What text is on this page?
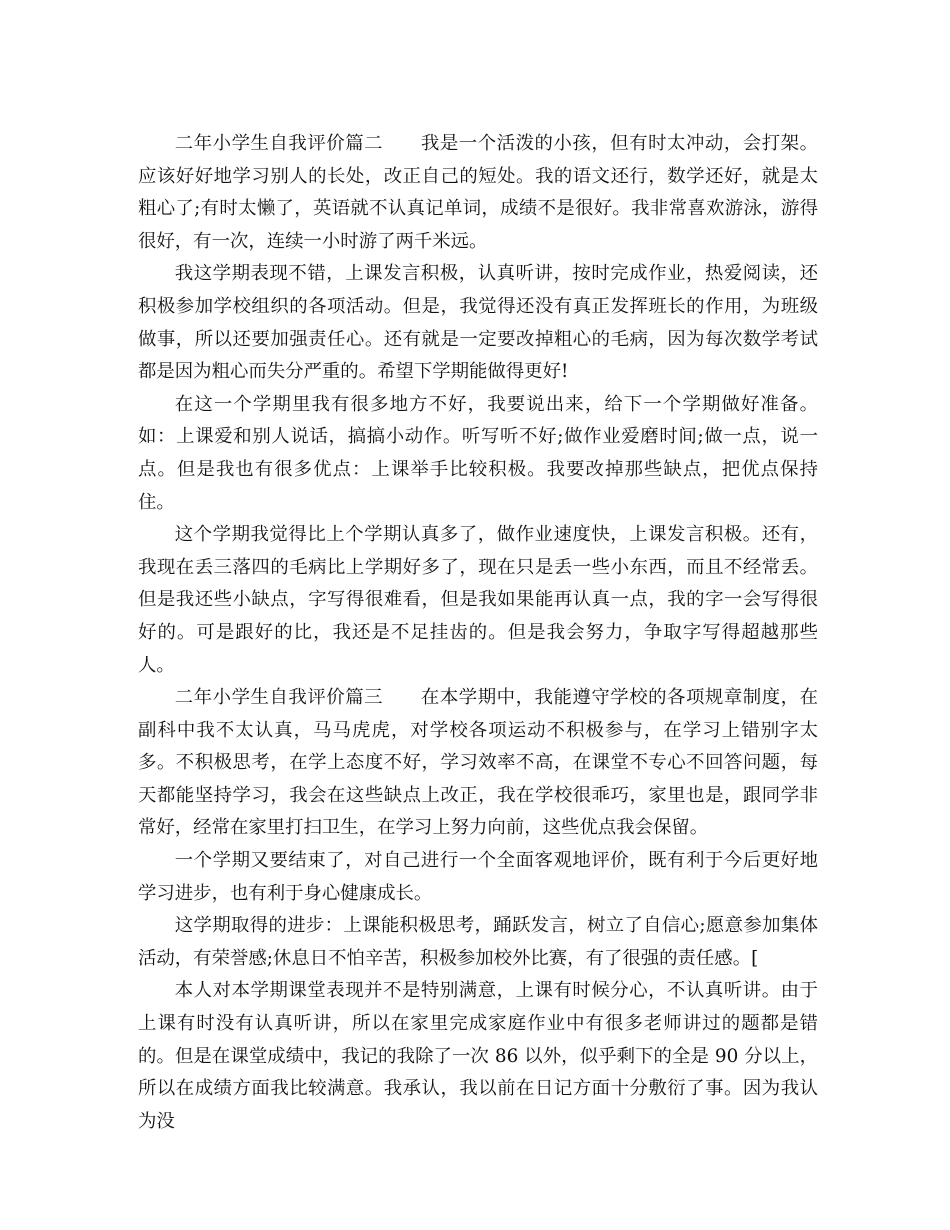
二年小学生自我评价篇二　　我是一个活泼的小孩，但有时太冲动，会打架。应该好好地学习别人的长处，改正自己的短处。我的语文还行，数学还好，就是太粗心了;有时太懒了，英语就不认真记单词，成绩不是很好。我非常喜欢游泳，游得很好，有一次，连续一小时游了两千米远。

我这学期表现不错，上课发言积极，认真听讲，按时完成作业，热爱阅读，还积极参加学校组织的各项活动。但是，我觉得还没有真正发挥班长的作用，为班级做事，所以还要加强责任心。还有就是一定要改掉粗心的毛病，因为每次数学考试都是因为粗心而失分严重的。希望下学期能做得更好!

在这一个学期里我有很多地方不好，我要说出来，给下一个学期做好准备。如：上课爱和别人说话，搞搞小动作。听写听不好;做作业爱磨时间;做一点，说一点。但是我也有很多优点：上课举手比较积极。我要改掉那些缺点，把优点保持住。

这个学期我觉得比上个学期认真多了，做作业速度快，上课发言积极。还有，我现在丢三落四的毛病比上学期好多了，现在只是丢一些小东西，而且不经常丢。但是我还些小缺点，字写得很难看，但是我如果能再认真一点，我的字一会写得很好的。可是跟好的比，我还是不足挂齿的。但是我会努力，争取字写得超越那些人。

二年小学生自我评价篇三　　在本学期中，我能遵守学校的各项规章制度，在副科中我不太认真，马马虎虎，对学校各项运动不积极参与，在学习上错别字太多。不积极思考，在学上态度不好，学习效率不高，在课堂不专心不回答问题，每天都能坚持学习，我会在这些缺点上改正，我在学校很乖巧，家里也是，跟同学非常好，经常在家里打扫卫生，在学习上努力向前，这些优点我会保留。

一个学期又要结束了，对自己进行一个全面客观地评价，既有利于今后更好地学习进步，也有利于身心健康成长。

这学期取得的进步：上课能积极思考，踊跃发言，树立了自信心;愿意参加集体活动，有荣誉感;休息日不怕辛苦，积极参加校外比赛，有了很强的责任感。[

本人对本学期课堂表现并不是特别满意，上课有时候分心，不认真听讲。由于上课有时没有认真听讲，所以在家里完成家庭作业中有很多老师讲过的题都是错的。但是在课堂成绩中，我记的我除了一次 86 以外，似乎剩下的全是 90 分以上，所以在成绩方面我比较满意。我承认，我以前在日记方面十分敷衍了事。因为我认为没
